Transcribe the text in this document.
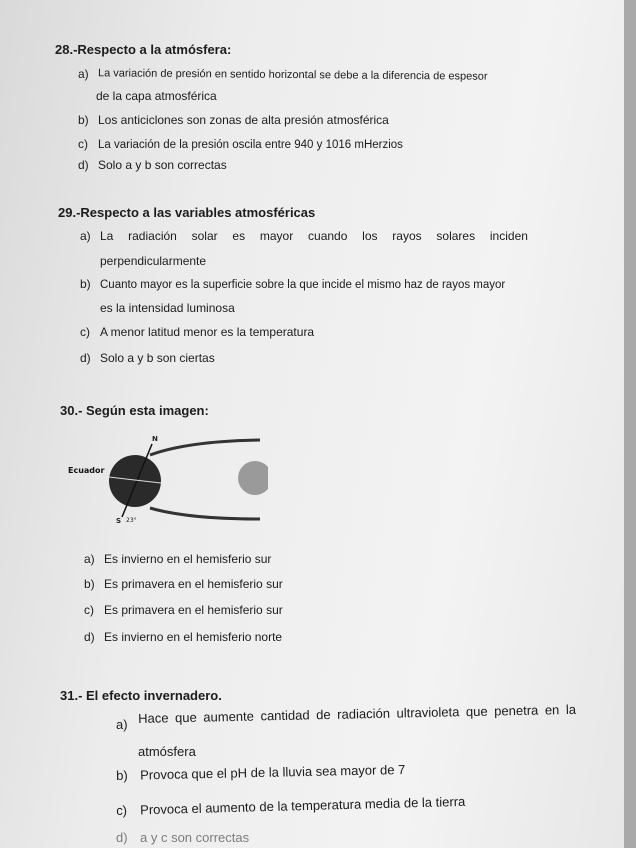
28.-Respecto a la atmósfera:
a) La variación de presión en sentido horizontal se debe a la diferencia de espesor
de la capa atmosférica
b) Los anticiclones son zonas de alta presión atmosférica
c) La variación de la presión oscila entre 940 y 1016 mHerzios
d) Solo a y b son correctas
29.-Respecto a las variables atmosféricas
a) La radiación solar es mayor cuando los rayos solares inciden
perpendicularmente
b) Cuanto mayor es la superficie sobre la que incide el mismo haz de rayos mayor
es la intensidad luminosa
c) A menor latitud menor es la temperatura
d) Solo a y b son ciertas
30.- Según esta imagen:
N
S 23°
Ecuador
a) Es invierno en el hemisferio sur
b) Es primavera en el hemisferio sur
c) Es primavera en el hemisferio sur
d) Es invierno en el hemisferio norte
31.- El efecto invernadero.
a) Hace que aumente cantidad de radiación ultravioleta que penetra en la
atmósfera
b) Provoca que el pH de la lluvia sea mayor de 7
c) Provoca el aumento de la temperatura media de la tierra
d) a y c son correctas
